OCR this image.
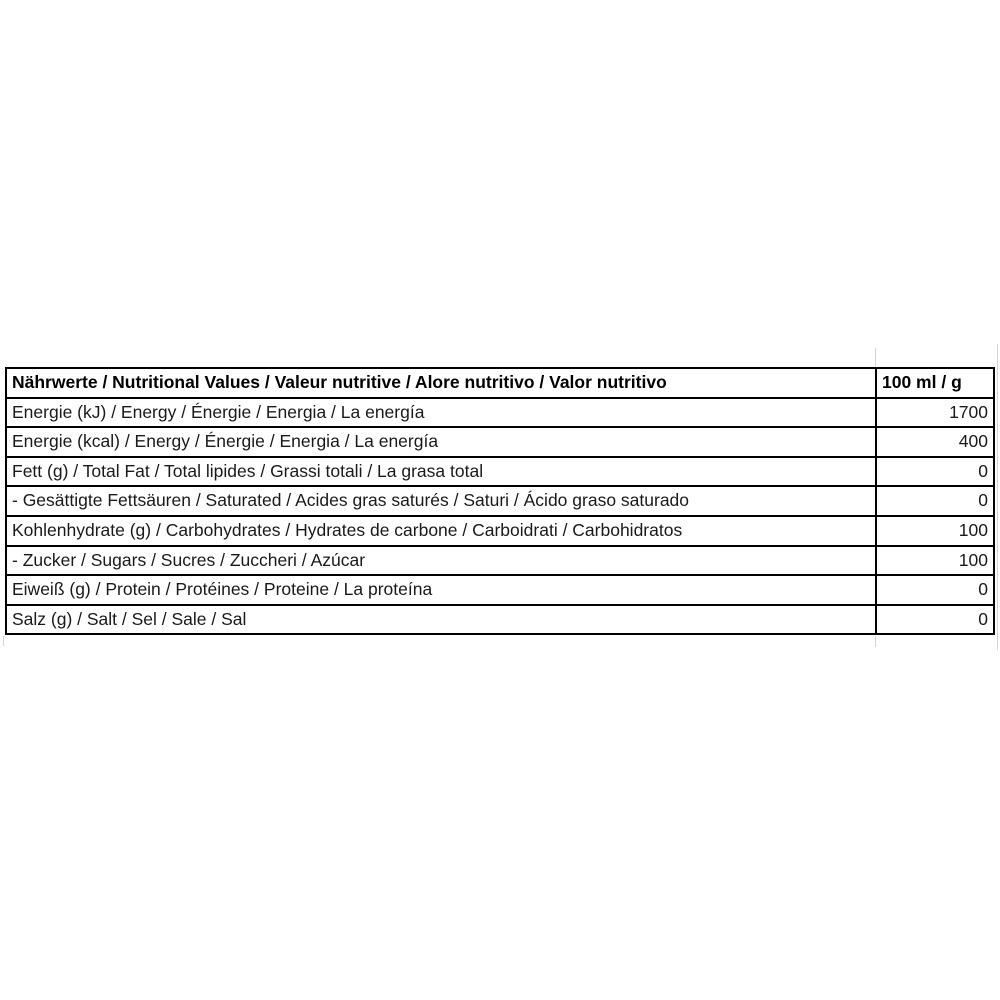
Nährwerte / Nutritional Values / Valeur nutritive / Alore nutritivo / Valor nutritivo	100 ml / g
Energie (kJ) / Energy / Énergie / Energia / La energía	1700
Energie (kcal) / Energy / Énergie / Energia / La energía	400
Fett (g) / Total Fat / Total lipides / Grassi totali / La grasa total	0
- Gesättigte Fettsäuren / Saturated / Acides gras saturés / Saturi / Ácido graso saturado	0
Kohlenhydrate (g) / Carbohydrates / Hydrates de carbone / Carboidrati / Carbohidratos	100
- Zucker / Sugars / Sucres / Zuccheri / Azúcar	100
Eiweiß (g) / Protein / Protéines / Proteine / La proteína	0
Salz (g) / Salt / Sel / Sale / Sal	0
